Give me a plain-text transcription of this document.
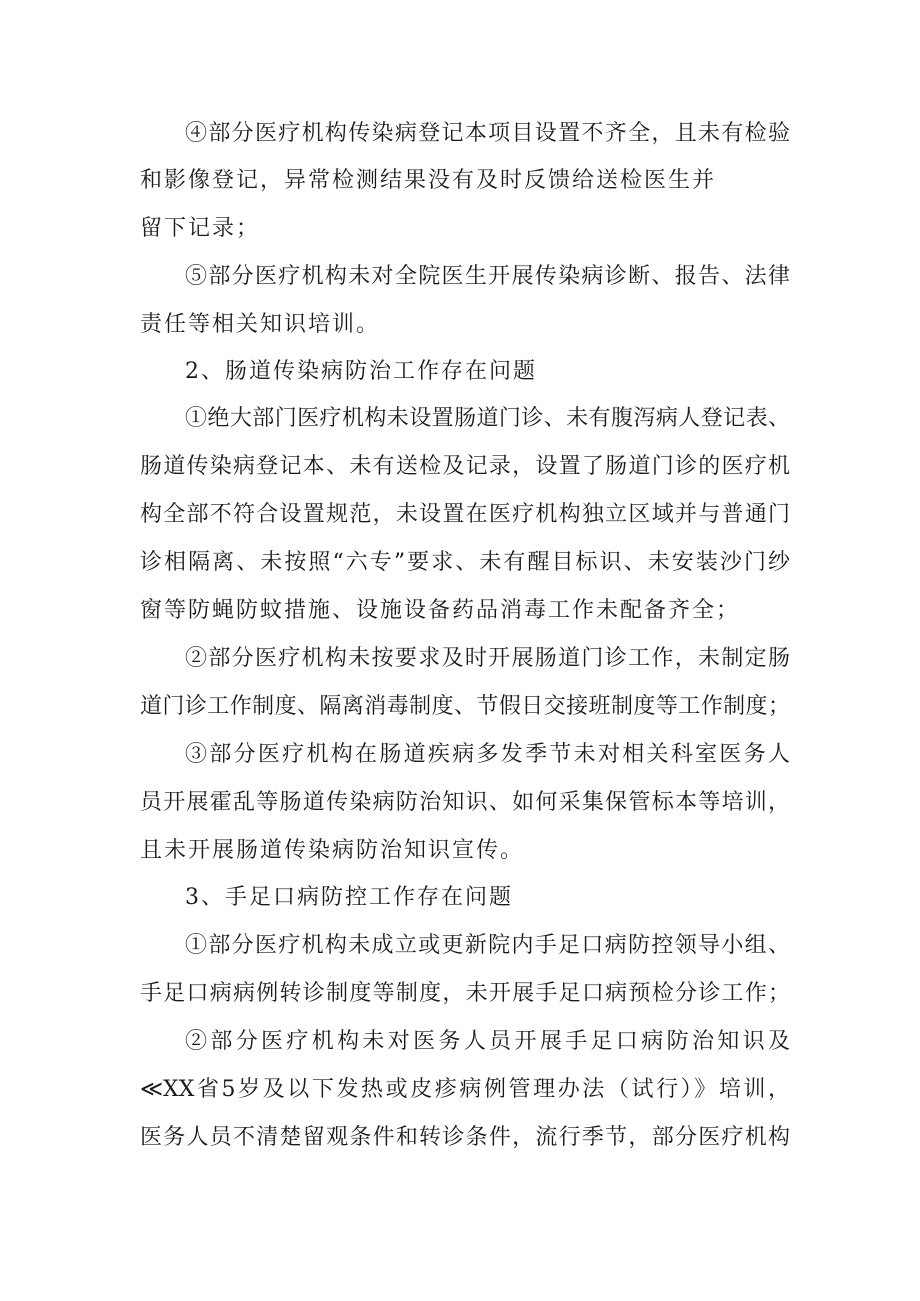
④部分医疗机构传染病登记本项目设置不齐全，且未有检验
和影像登记，异常检测结果没有及时反馈给送检医生并
留下记录；
⑤部分医疗机构未对全院医生开展传染病诊断、报告、法律
责任等相关知识培训。
2、肠道传染病防治工作存在问题
①绝大部门医疗机构未设置肠道门诊、未有腹泻病人登记表、
肠道传染病登记本、未有送检及记录，设置了肠道门诊的医疗机
构全部不符合设置规范，未设置在医疗机构独立区域并与普通门
诊相隔离、未按照“六专”要求、未有醒目标识、未安装沙门纱
窗等防蝇防蚊措施、设施设备药品消毒工作未配备齐全；
②部分医疗机构未按要求及时开展肠道门诊工作，未制定肠
道门诊工作制度、隔离消毒制度、节假日交接班制度等工作制度；
③部分医疗机构在肠道疾病多发季节未对相关科室医务人
员开展霍乱等肠道传染病防治知识、如何采集保管标本等培训，
且未开展肠道传染病防治知识宣传。
3、手足口病防控工作存在问题
①部分医疗机构未成立或更新院内手足口病防控领导小组、
手足口病病例转诊制度等制度，未开展手足口病预检分诊工作；
②部分医疗机构未对医务人员开展手足口病防治知识及
≪XX省5岁及以下发热或皮疹病例管理办法（试行）》培训，
医务人员不清楚留观条件和转诊条件，流行季节，部分医疗机构
